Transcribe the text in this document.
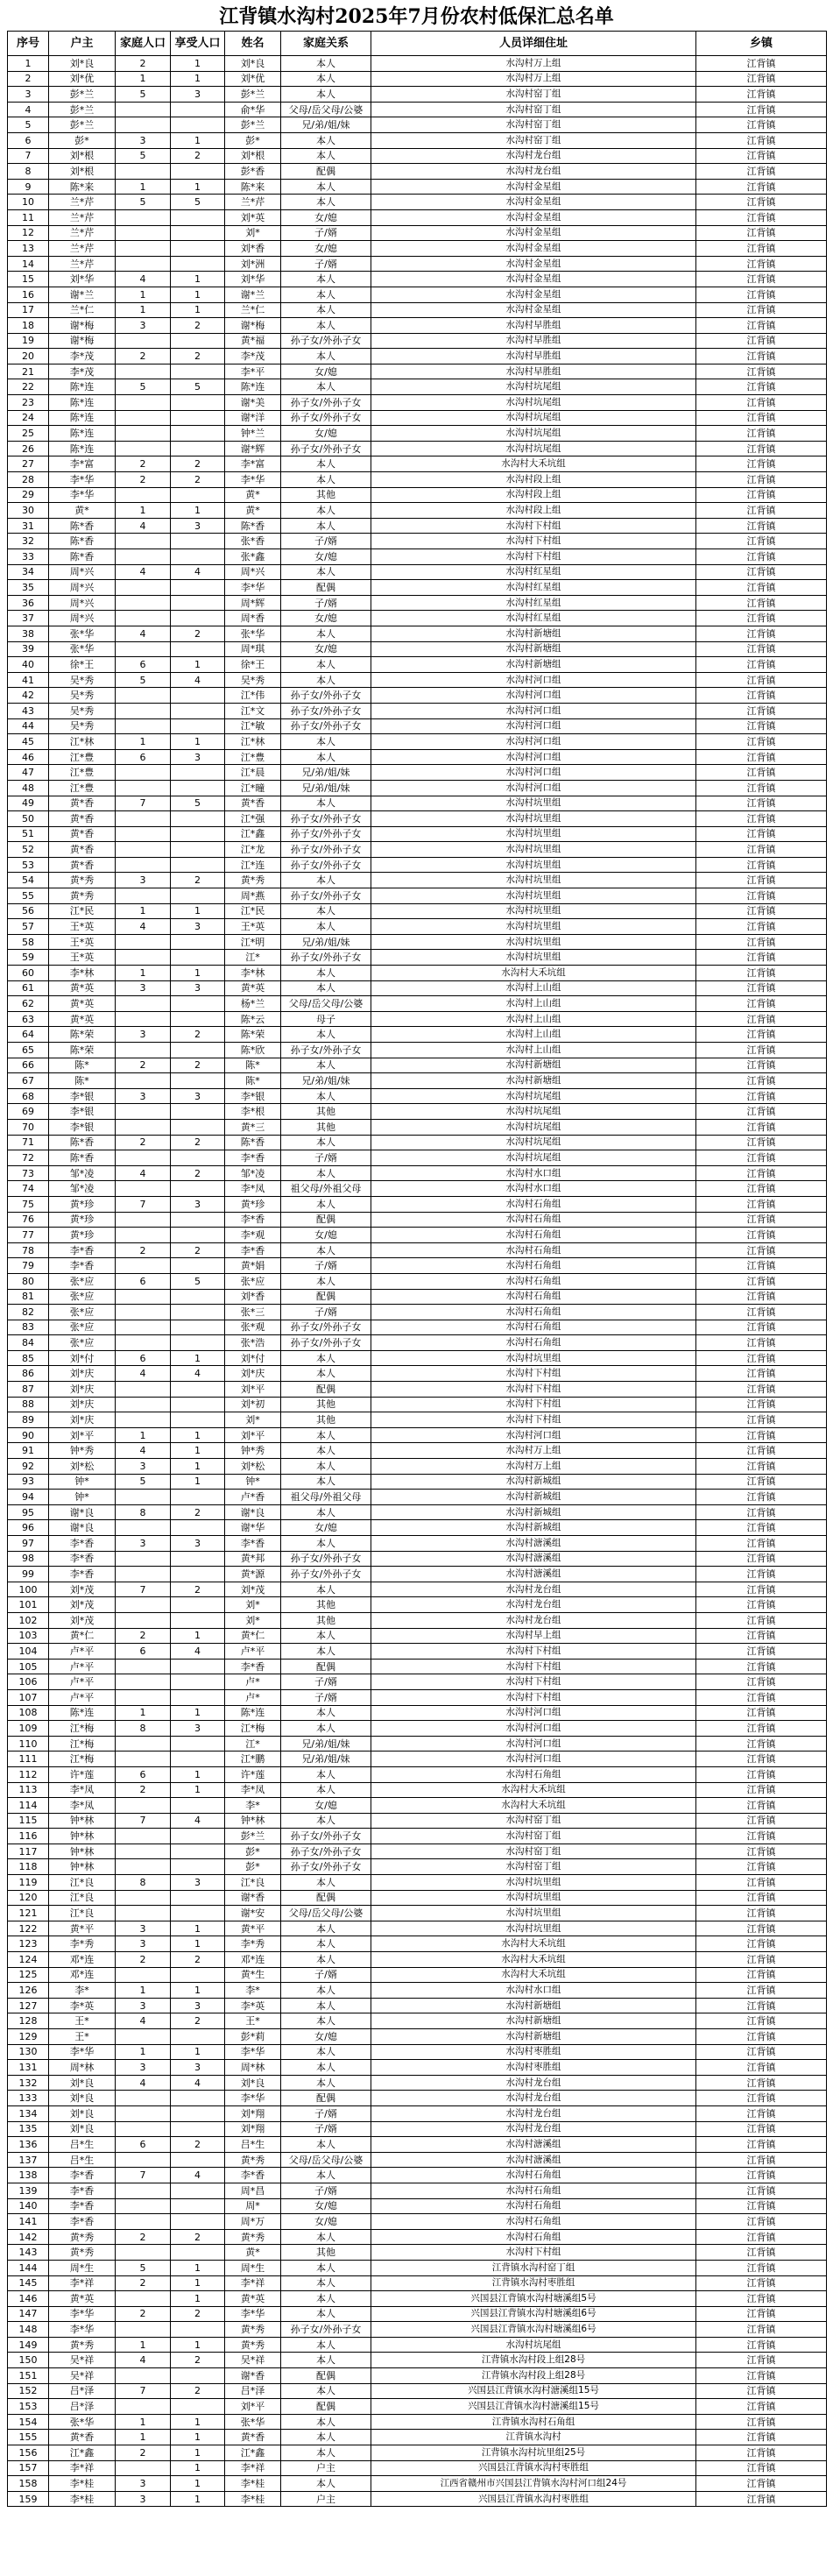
江背镇水沟村2025年7月份农村低保汇总名单
序号	户主	家庭人口	享受人口	姓名	家庭关系	人员详细住址	乡镇
1	刘*良	2	1	刘*良	本人	水沟村万上组	江背镇
2	刘*优	1	1	刘*优	本人	水沟村万上组	江背镇
3	彭*兰	5	3	彭*兰	本人	水沟村窑丁组	江背镇
4	彭*兰			俞*华	父母/岳父母/公婆	水沟村窑丁组	江背镇
5	彭*兰			彭*兰	兄/弟/姐/妹	水沟村窑丁组	江背镇
6	彭*	3	1	彭*	本人	水沟村窑丁组	江背镇
7	刘*根	5	2	刘*根	本人	水沟村龙台组	江背镇
8	刘*根			彭*香	配偶	水沟村龙台组	江背镇
9	陈*来	1	1	陈*来	本人	水沟村金星组	江背镇
10	兰*芹	5	5	兰*芹	本人	水沟村金星组	江背镇
11	兰*芹			刘*英	女/媳	水沟村金星组	江背镇
12	兰*芹			刘*	子/婿	水沟村金星组	江背镇
13	兰*芹			刘*香	女/媳	水沟村金星组	江背镇
14	兰*芹			刘*洲	子/婿	水沟村金星组	江背镇
15	刘*华	4	1	刘*华	本人	水沟村金星组	江背镇
16	谢*兰	1	1	谢*兰	本人	水沟村金星组	江背镇
17	兰*仁	1	1	兰*仁	本人	水沟村金星组	江背镇
18	谢*梅	3	2	谢*梅	本人	水沟村早胜组	江背镇
19	谢*梅			黄*福	孙子女/外孙子女	水沟村早胜组	江背镇
20	李*茂	2	2	李*茂	本人	水沟村早胜组	江背镇
21	李*茂			李*平	女/媳	水沟村早胜组	江背镇
22	陈*连	5	5	陈*连	本人	水沟村坑尾组	江背镇
23	陈*连			谢*美	孙子女/外孙子女	水沟村坑尾组	江背镇
24	陈*连			谢*洋	孙子女/外孙子女	水沟村坑尾组	江背镇
25	陈*连			钟*兰	女/媳	水沟村坑尾组	江背镇
26	陈*连			谢*辉	孙子女/外孙子女	水沟村坑尾组	江背镇
27	李*富	2	2	李*富	本人	水沟村大禾坑组	江背镇
28	李*华	2	2	李*华	本人	水沟村段上组	江背镇
29	李*华			黄*	其他	水沟村段上组	江背镇
30	黄*	1	1	黄*	本人	水沟村段上组	江背镇
31	陈*香	4	3	陈*香	本人	水沟村下村组	江背镇
32	陈*香			张*香	子/婿	水沟村下村组	江背镇
33	陈*香			张*鑫	女/媳	水沟村下村组	江背镇
34	周*兴	4	4	周*兴	本人	水沟村红星组	江背镇
35	周*兴			李*华	配偶	水沟村红星组	江背镇
36	周*兴			周*辉	子/婿	水沟村红星组	江背镇
37	周*兴			周*香	女/媳	水沟村红星组	江背镇
38	张*华	4	2	张*华	本人	水沟村新塘组	江背镇
39	张*华			周*琪	女/媳	水沟村新塘组	江背镇
40	徐*王	6	1	徐*王	本人	水沟村新塘组	江背镇
41	吴*秀	5	4	吴*秀	本人	水沟村河口组	江背镇
42	吴*秀			江*伟	孙子女/外孙子女	水沟村河口组	江背镇
43	吴*秀			江*文	孙子女/外孙子女	水沟村河口组	江背镇
44	吴*秀			江*敏	孙子女/外孙子女	水沟村河口组	江背镇
45	江*林	1	1	江*林	本人	水沟村河口组	江背镇
46	江*豊	6	3	江*豊	本人	水沟村河口组	江背镇
47	江*豊			江*晨	兄/弟/姐/妹	水沟村河口组	江背镇
48	江*豊			江*曈	兄/弟/姐/妹	水沟村河口组	江背镇
49	黄*香	7	5	黄*香	本人	水沟村坑里组	江背镇
50	黄*香			江*强	孙子女/外孙子女	水沟村坑里组	江背镇
51	黄*香			江*鑫	孙子女/外孙子女	水沟村坑里组	江背镇
52	黄*香			江*龙	孙子女/外孙子女	水沟村坑里组	江背镇
53	黄*香			江*连	孙子女/外孙子女	水沟村坑里组	江背镇
54	黄*秀	3	2	黄*秀	本人	水沟村坑里组	江背镇
55	黄*秀			周*燕	孙子女/外孙子女	水沟村坑里组	江背镇
56	江*民	1	1	江*民	本人	水沟村坑里组	江背镇
57	王*英	4	3	王*英	本人	水沟村坑里组	江背镇
58	王*英			江*明	兄/弟/姐/妹	水沟村坑里组	江背镇
59	王*英			江*	孙子女/外孙子女	水沟村坑里组	江背镇
60	李*林	1	1	李*林	本人	水沟村大禾坑组	江背镇
61	黄*英	3	3	黄*英	本人	水沟村上山组	江背镇
62	黄*英			杨*兰	父母/岳父母/公婆	水沟村上山组	江背镇
63	黄*英			陈*云	母子	水沟村上山组	江背镇
64	陈*荣	3	2	陈*荣	本人	水沟村上山组	江背镇
65	陈*荣			陈*欣	孙子女/外孙子女	水沟村上山组	江背镇
66	陈*	2	2	陈*	本人	水沟村新塘组	江背镇
67	陈*			陈*	兄/弟/姐/妹	水沟村新塘组	江背镇
68	李*银	3	3	李*银	本人	水沟村坑尾组	江背镇
69	李*银			李*根	其他	水沟村坑尾组	江背镇
70	李*银			黄*三	其他	水沟村坑尾组	江背镇
71	陈*香	2	2	陈*香	本人	水沟村坑尾组	江背镇
72	陈*香			李*香	子/婿	水沟村坑尾组	江背镇
73	邹*凌	4	2	邹*凌	本人	水沟村水口组	江背镇
74	邹*凌			李*凤	祖父母/外祖父母	水沟村水口组	江背镇
75	黄*珍	7	3	黄*珍	本人	水沟村石角组	江背镇
76	黄*珍			李*香	配偶	水沟村石角组	江背镇
77	黄*珍			李*观	女/媳	水沟村石角组	江背镇
78	李*香	2	2	李*香	本人	水沟村石角组	江背镇
79	李*香			黄*娟	子/婿	水沟村石角组	江背镇
80	张*应	6	5	张*应	本人	水沟村石角组	江背镇
81	张*应			刘*香	配偶	水沟村石角组	江背镇
82	张*应			张*三	子/婿	水沟村石角组	江背镇
83	张*应			张*观	孙子女/外孙子女	水沟村石角组	江背镇
84	张*应			张*浩	孙子女/外孙子女	水沟村石角组	江背镇
85	刘*付	6	1	刘*付	本人	水沟村坑里组	江背镇
86	刘*庆	4	4	刘*庆	本人	水沟村下村组	江背镇
87	刘*庆			刘*平	配偶	水沟村下村组	江背镇
88	刘*庆			刘*初	其他	水沟村下村组	江背镇
89	刘*庆			刘*	其他	水沟村下村组	江背镇
90	刘*平	1	1	刘*平	本人	水沟村河口组	江背镇
91	钟*秀	4	1	钟*秀	本人	水沟村万上组	江背镇
92	刘*松	3	1	刘*松	本人	水沟村万上组	江背镇
93	钟*	5	1	钟*	本人	水沟村新城组	江背镇
94	钟*			卢*香	祖父母/外祖父母	水沟村新城组	江背镇
95	谢*良	8	2	谢*良	本人	水沟村新城组	江背镇
96	谢*良			谢*华	女/媳	水沟村新城组	江背镇
97	李*香	3	3	李*香	本人	水沟村溏溪组	江背镇
98	李*香			黄*邦	孙子女/外孙子女	水沟村溏溪组	江背镇
99	李*香			黄*源	孙子女/外孙子女	水沟村溏溪组	江背镇
100	刘*茂	7	2	刘*茂	本人	水沟村龙台组	江背镇
101	刘*茂			刘*	其他	水沟村龙台组	江背镇
102	刘*茂			刘*	其他	水沟村龙台组	江背镇
103	黄*仁	2	1	黄*仁	本人	水沟村早上组	江背镇
104	卢*平	6	4	卢*平	本人	水沟村下村组	江背镇
105	卢*平			李*香	配偶	水沟村下村组	江背镇
106	卢*平			卢*	子/婿	水沟村下村组	江背镇
107	卢*平			卢*	子/婿	水沟村下村组	江背镇
108	陈*连	1	1	陈*连	本人	水沟村河口组	江背镇
109	江*梅	8	3	江*梅	本人	水沟村河口组	江背镇
110	江*梅			江*	兄/弟/姐/妹	水沟村河口组	江背镇
111	江*梅			江*鹏	兄/弟/姐/妹	水沟村河口组	江背镇
112	许*莲	6	1	许*莲	本人	水沟村石角组	江背镇
113	李*凤	2	1	李*凤	本人	水沟村大禾坑组	江背镇
114	李*凤			李*	女/媳	水沟村大禾坑组	江背镇
115	钟*林	7	4	钟*林	本人	水沟村窑丁组	江背镇
116	钟*林			彭*兰	孙子女/外孙子女	水沟村窑丁组	江背镇
117	钟*林			彭*	孙子女/外孙子女	水沟村窑丁组	江背镇
118	钟*林			彭*	孙子女/外孙子女	水沟村窑丁组	江背镇
119	江*良	8	3	江*良	本人	水沟村坑里组	江背镇
120	江*良			谢*香	配偶	水沟村坑里组	江背镇
121	江*良			谢*安	父母/岳父母/公婆	水沟村坑里组	江背镇
122	黄*平	3	1	黄*平	本人	水沟村坑里组	江背镇
123	李*秀	3	1	李*秀	本人	水沟村大禾坑组	江背镇
124	邓*连	2	2	邓*连	本人	水沟村大禾坑组	江背镇
125	邓*连			黄*生	子/婿	水沟村大禾坑组	江背镇
126	李*	1	1	李*	本人	水沟村水口组	江背镇
127	李*英	3	3	李*英	本人	水沟村新塘组	江背镇
128	王*	4	2	王*	本人	水沟村新塘组	江背镇
129	王*			彭*莉	女/媳	水沟村新塘组	江背镇
130	李*华	1	1	李*华	本人	水沟村枣胜组	江背镇
131	周*林	3	3	周*林	本人	水沟村枣胜组	江背镇
132	刘*良	4	4	刘*良	本人	水沟村龙台组	江背镇
133	刘*良			李*华	配偶	水沟村龙台组	江背镇
134	刘*良			刘*翔	子/婿	水沟村龙台组	江背镇
135	刘*良			刘*翔	子/婿	水沟村龙台组	江背镇
136	吕*生	6	2	吕*生	本人	水沟村溏溪组	江背镇
137	吕*生			黄*秀	父母/岳父母/公婆	水沟村溏溪组	江背镇
138	李*香	7	4	李*香	本人	水沟村石角组	江背镇
139	李*香			周*昌	子/婿	水沟村石角组	江背镇
140	李*香			周*	女/媳	水沟村石角组	江背镇
141	李*香			周*万	女/媳	水沟村石角组	江背镇
142	黄*秀	2	2	黄*秀	本人	水沟村石角组	江背镇
143	黄*秀			黄*	其他	水沟村下村组	江背镇
144	周*生	5	1	周*生	本人	江背镇水沟村窑丁组	江背镇
145	李*祥	2	1	李*祥	本人	江背镇水沟村枣胜组	江背镇
146	黄*英		1	黄*英	本人	兴国县江背镇水沟村塘溪组5号	江背镇
147	李*华	2	2	李*华	本人	兴国县江背镇水沟村塘溪组6号	江背镇
148	李*华			黄*秀	孙子女/外孙子女	兴国县江背镇水沟村塘溪组6号	江背镇
149	黄*秀	1	1	黄*秀	本人	水沟村坑尾组	江背镇
150	吴*祥	4	2	吴*祥	本人	江背镇水沟村段上组28号	江背镇
151	吴*祥			谢*香	配偶	江背镇水沟村段上组28号	江背镇
152	吕*泽	7	2	吕*泽	本人	兴国县江背镇水沟村溏溪组15号	江背镇
153	吕*泽			刘*平	配偶	兴国县江背镇水沟村溏溪组15号	江背镇
154	张*华	1	1	张*华	本人	江背镇水沟村石角组	江背镇
155	黄*香	1	1	黄*香	本人	江背镇水沟村	江背镇
156	江*鑫	2	1	江*鑫	本人	江背镇水沟村坑里组25号	江背镇
157	李*祥		1	李*祥	户主	兴国县江背镇水沟村枣胜组	江背镇
158	李*桂	3	1	李*桂	本人	江西省赣州市兴国县江背镇水沟村河口组24号	江背镇
159	李*桂	3	1	李*桂	户主	兴国县江背镇水沟村枣胜组	江背镇
